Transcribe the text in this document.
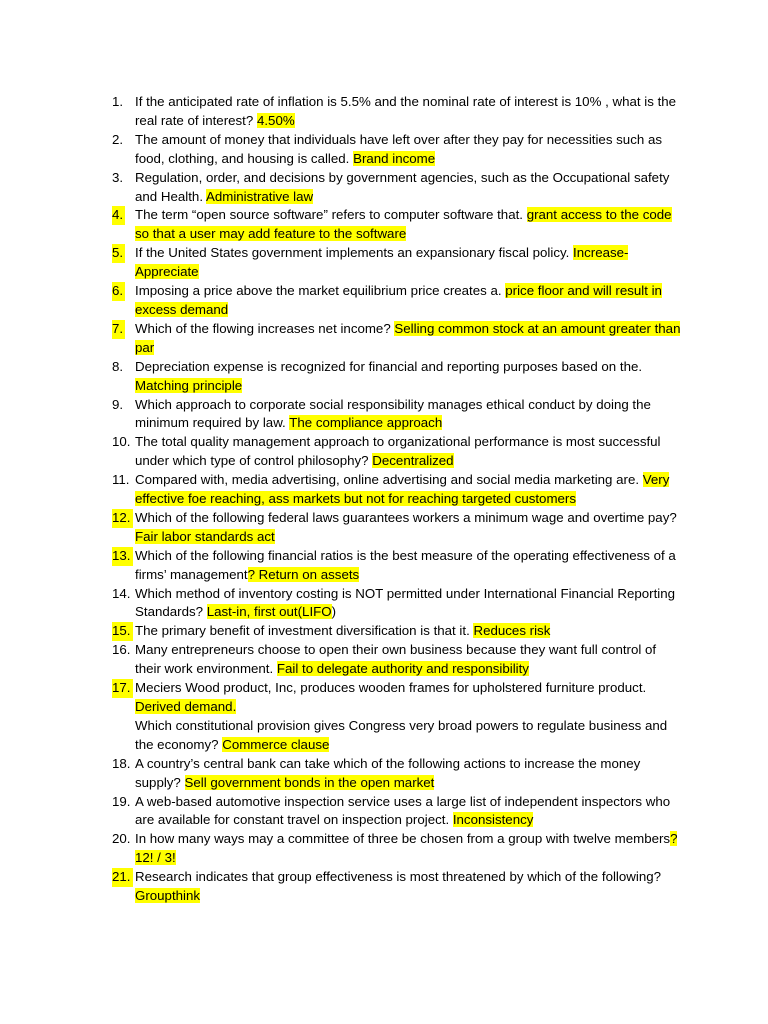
1. If the anticipated rate of inflation is 5.5% and the nominal rate of interest is 10% , what is the real rate of interest? 4.50%
2. The amount of money that individuals have left over after they pay for necessities such as food, clothing, and housing is called. Brand income
3. Regulation, order, and decisions by government agencies, such as the Occupational safety and Health. Administrative law
4. The term “open source software” refers to computer software that. grant access to the code so that a user may add feature to the software
5. If the United States government implements an expansionary fiscal policy. Increase-Appreciate
6. Imposing a price above the market equilibrium price creates a. price floor and will result in excess demand
7. Which of the flowing increases net income? Selling common stock at an amount greater than par
8. Depreciation expense is recognized for financial and reporting purposes based on the. Matching principle
9. Which approach to corporate social responsibility manages ethical conduct by doing the minimum required by law. The compliance approach
10. The total quality management approach to organizational performance is most successful under which type of control philosophy? Decentralized
11. Compared with, media advertising, online advertising and social media marketing are. Very effective foe reaching, ass markets but not for reaching targeted customers
12. Which of the following federal laws guarantees workers a minimum wage and overtime pay? Fair labor standards act
13. Which of the following financial ratios is the best measure of the operating effectiveness of a firms’ management? Return on assets
14. Which method of inventory costing is NOT permitted under International Financial Reporting Standards? Last-in, first out(LIFO)
15. The primary benefit of investment diversification is that it. Reduces risk
16. Many entrepreneurs choose to open their own business because they want full control of their work environment. Fail to delegate authority and responsibility
17. Meciers Wood product, Inc, produces wooden frames for upholstered furniture product. Derived demand.
Which constitutional provision gives Congress very broad powers to regulate business and the economy? Commerce clause
18. A country’s central bank can take which of the following actions to increase the money supply? Sell government bonds in the open market
19. A web-based automotive inspection service uses a large list of independent inspectors who are available for constant travel on inspection project. Inconsistency
20. In how many ways may a committee of three be chosen from a group with twelve members? 12! / 3!
21. Research indicates that group effectiveness is most threatened by which of the following? Groupthink
